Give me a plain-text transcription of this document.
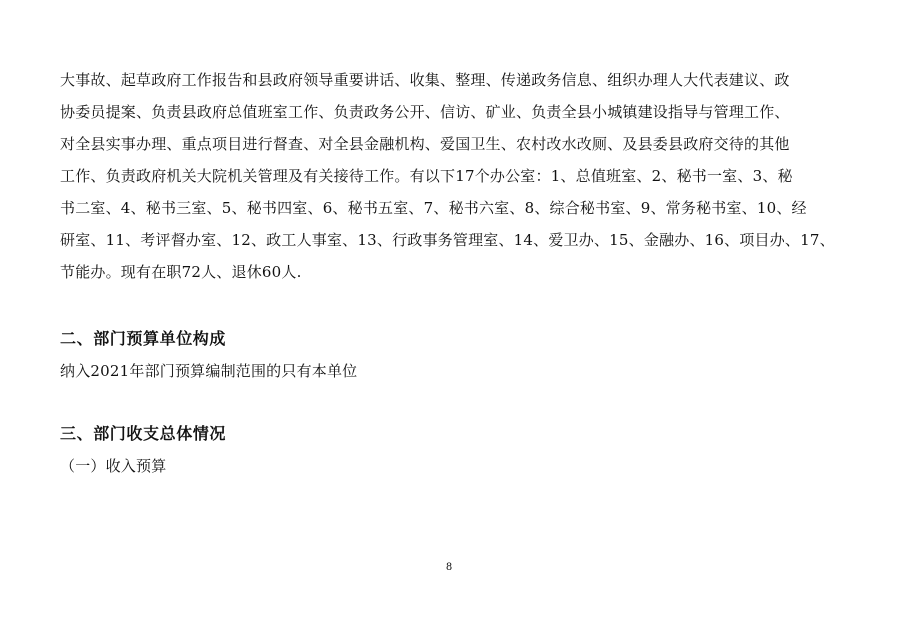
大事故、起草政府工作报告和县政府领导重要讲话、收集、整理、传递政务信息、组织办理人大代表建议、政
协委员提案、负责县政府总值班室工作、负责政务公开、信访、矿业、负责全县小城镇建设指导与管理工作、
对全县实事办理、重点项目进行督查、对全县金融机构、爱国卫生、农村改水改厕、及县委县政府交待的其他
工作、负责政府机关大院机关管理及有关接待工作。有以下17个办公室：1、总值班室、2、秘书一室、3、秘
书二室、4、秘书三室、5、秘书四室、6、秘书五室、7、秘书六室、8、综合秘书室、9、常务秘书室、10、经
研室、11、考评督办室、12、政工人事室、13、行政事务管理室、14、爱卫办、15、金融办、16、项目办、17、
节能办。现有在职72人、退休60人.
二、部门预算单位构成
纳入2021年部门预算编制范围的只有本单位
三、部门收支总体情况
（一）收入预算
8
